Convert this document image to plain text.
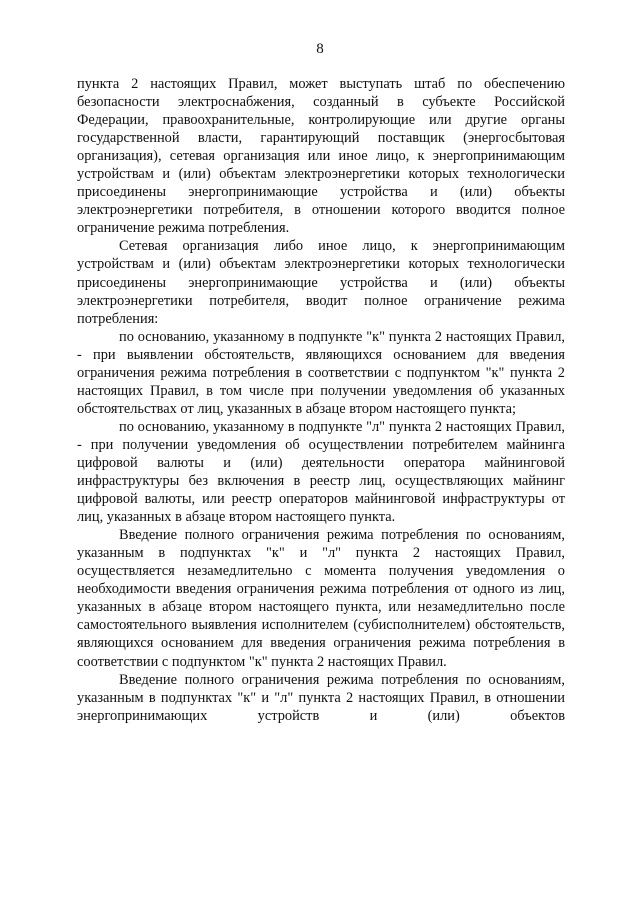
8

пункта 2 настоящих Правил, может выступать штаб по обеспечению безопасности электроснабжения, созданный в субъекте Российской Федерации, правоохранительные, контролирующие или другие органы государственной власти, гарантирующий поставщик (энергосбытовая организация), сетевая организация или иное лицо, к энергопринимающим устройствам и (или) объектам электроэнергетики которых технологически присоединены энергопринимающие устройства и (или) объекты электроэнергетики потребителя, в отношении которого вводится полное ограничение режима потребления.

Сетевая организация либо иное лицо, к энергопринимающим устройствам и (или) объектам электроэнергетики которых технологически присоединены энергопринимающие устройства и (или) объекты электроэнергетики потребителя, вводит полное ограничение режима потребления:

по основанию, указанному в подпункте "к" пункта 2 настоящих Правил, - при выявлении обстоятельств, являющихся основанием для введения ограничения режима потребления в соответствии с подпунктом "к" пункта 2 настоящих Правил, в том числе при получении уведомления об указанных обстоятельствах от лиц, указанных в абзаце втором настоящего пункта;

по основанию, указанному в подпункте "л" пункта 2 настоящих Правил, - при получении уведомления об осуществлении потребителем майнинга цифровой валюты и (или) деятельности оператора майнинговой инфраструктуры без включения в реестр лиц, осуществляющих майнинг цифровой валюты, или реестр операторов майнинговой инфраструктуры от лиц, указанных в абзаце втором настоящего пункта.

Введение полного ограничения режима потребления по основаниям, указанным в подпунктах "к" и "л" пункта 2 настоящих Правил, осуществляется незамедлительно с момента получения уведомления о необходимости введения ограничения режима потребления от одного из лиц, указанных в абзаце втором настоящего пункта, или незамедлительно после самостоятельного выявления исполнителем (субисполнителем) обстоятельств, являющихся основанием для введения ограничения режима потребления в соответствии с подпунктом "к" пункта 2 настоящих Правил.

Введение полного ограничения режима потребления по основаниям, указанным в подпунктах "к" и "л" пункта 2 настоящих Правил, в отношении энергопринимающих устройств и (или) объектов
